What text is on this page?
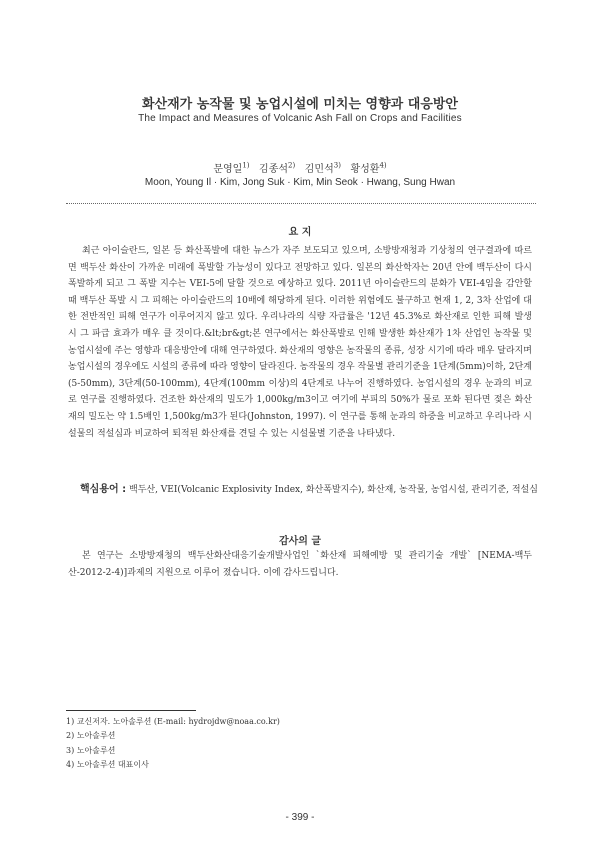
화산재가 농작물 및 농업시설에 미치는 영향과 대응방안
The Impact and Measures of Volcanic Ash Fall on Crops and Facilities
문영일$^{1)}$ 김종석$^{2)}$ 김민석$^{3)}$ 황성환$^{4)}$
Moon, Young Il · Kim, Jong Suk · Kim, Min Seok · Hwang, Sung Hwan
요 지

최근 아이슬란드, 일본 등 화산폭발에 대한 뉴스가 자주 보도되고 있으며, 소방방재청과 기상청의 연구결과에 따르면 백두산 화산이 가까운 미래에 폭발할 가능성이 있다고 전망하고 있다. 일본의 화산학자는 20년 안에 백두산이 다시 폭발하게 되고 그 폭발 지수는 VEI-5에 달할 것으로 예상하고 있다. 2011년 아이슬란드의 분화가 VEI-4임을 감안할 때 백두산 폭발 시 그 피해는 아이슬란드의 10배에 해당하게 된다. 이러한 위험에도 불구하고 현재 1, 2, 3차 산업에 대한 전반적인 피해 연구가 이루어지지 않고 있다. 우리나라의 식량 자급률은 '12년 45.3%로 화산재로 인한 피해 발생 시 그 파급 효과가 매우 클 것이다.&lt;br&gt;본 연구에서는 화산폭발로 인해 발생한 화산재가 1차 산업인 농작물 및 농업시설에 주는 영향과 대응방안에 대해 연구하였다. 화산재의 영향은 농작물의 종류, 성장 시기에 따라 매우 달라지며 농업시설의 경우에도 시설의 종류에 따라 영향이 달라진다. 농작물의 경우 작물별 관리기준을 1단계(5mm)이하, 2단계(5-50mm), 3단계(50-100mm), 4단계(100mm 이상)의 4단계로 나누어 진행하였다. 농업시설의 경우 눈과의 비교로 연구를 진행하였다. 건조한 화산재의 밀도가 1,000kg/m3이고 여기에 부피의 50%가 물로 포화 된다면 젖은 화산재의 밀도는 약 1.5배인 1,500kg/m3가 된다(Johnston, 1997). 이 연구를 통해 눈과의 하중을 비교하고 우리나라 시설물의 적설심과 비교하여 퇴적된 화산재를 견딜 수 있는 시설물별 기준을 나타냈다.

핵심용어 : 백두산, VEI(Volcanic Explosivity Index, 화산폭발지수), 화산재, 농작물, 농업시설, 관리기준, 적설심
감사의 글

본 연구는 소방방재청의 백두산화산대응기술개발사업인 `화산재 피해예방 및 관리기술 개발` [NEMA-백두산-2012-2-4)]과제의 지원으로 이루어 졌습니다. 이에 감사드립니다.

1) 교신저자. 노아솔루션 (E-mail: hydrojdw@noaa.co.kr)
2) 노아솔루션
3) 노아솔루션
4) 노아솔루션 대표이사
- 399 -
